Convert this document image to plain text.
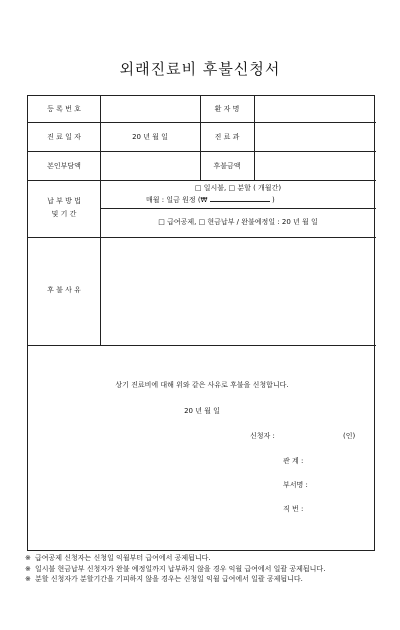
외래진료비 후불신청서
등 록 번 호	환 자 명
진 료 일 자	20 년 월 일	진 료 과
본인부담액	후불금액
납 부 방 법
및 기 간
□ 일시불, □ 분할 ( 개월간)
매월 : 일금 원정 (₩	)
□ 급여공제, □ 현금납부 / 완불예정일 : 20 년 월 일
후 불 사 유
상기 진료비에 대해 위와 같은 사유로 후불을 신청합니다.
20 년 월 일
신청자 :	(인)
관 계 :
부서명 :
직 번 :
※ 급여공제 신청자는 신청일 익월부터 급여에서 공제됩니다.
※ 일시불 현금납부 신청자가 완불 예정일까지 납부하지 않을 경우 익월 급여에서 일괄 공제됩니다.
※ 분할 신청자가 분할기간을 기피하지 않을 경우는 신청일 익월 급여에서 일괄 공제됩니다.
